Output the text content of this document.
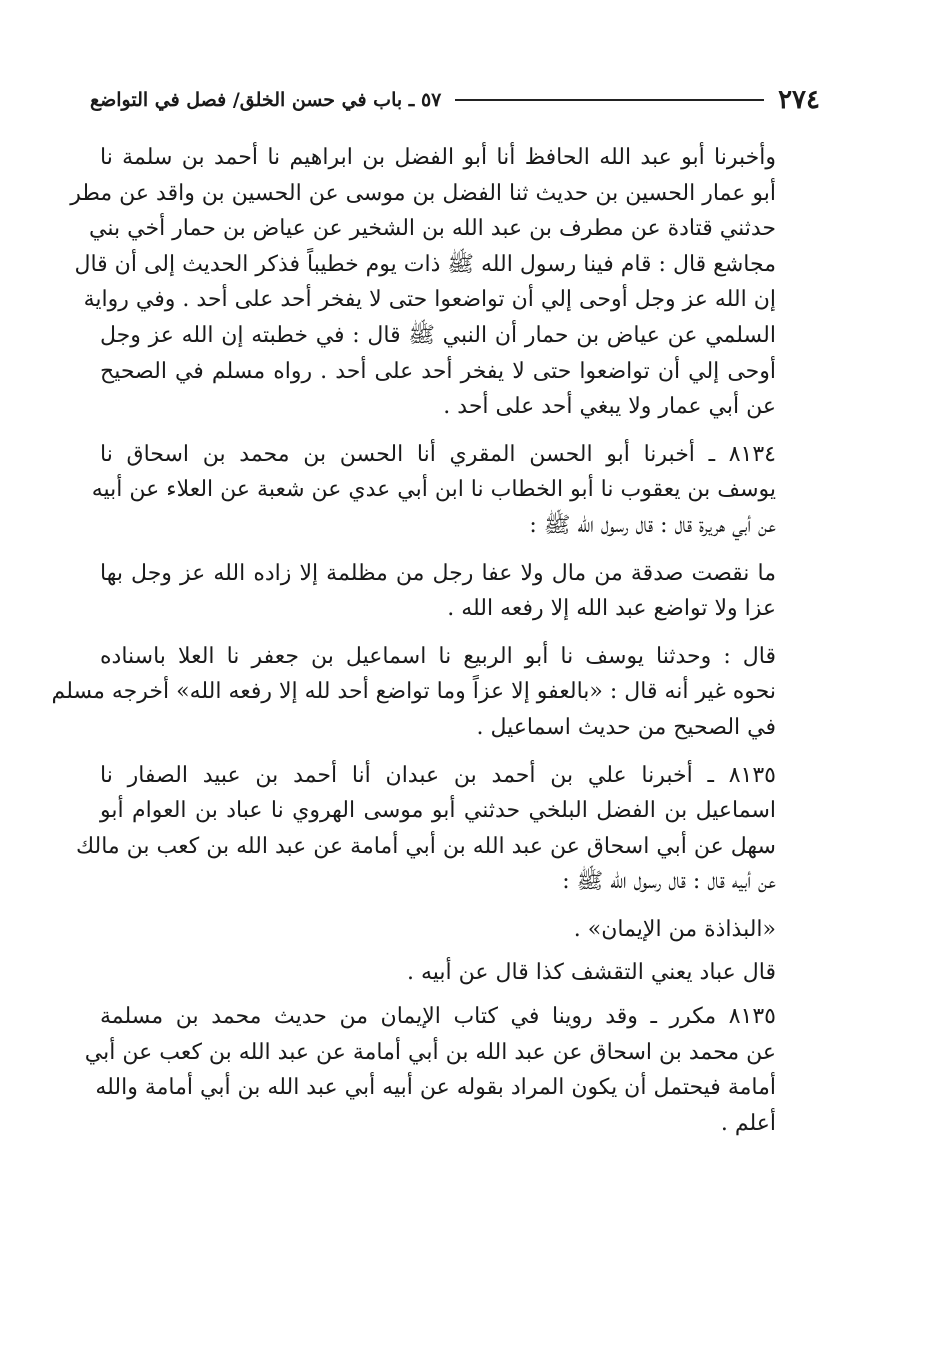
٢٧٤
٥٧ ـ باب في حسن الخلق/ فصل في التواضع
وأخبرنا أبو عبد الله الحافظ أنا أبو الفضل بن ابراهيم نا أحمد بن سلمة نا
أبو عمار الحسين بن حديث ثنا الفضل بن موسى عن الحسين بن واقد عن مطر
حدثني قتادة عن مطرف بن عبد الله بن الشخير عن عياض بن حمار أخي بني
مجاشع قال : قام فينا رسول الله ﷺ ذات يوم خطيباً فذكر الحديث إلى أن قال
إن الله عز وجل أوحى إلي أن تواضعوا حتى لا يفخر أحد على أحد . وفي رواية
السلمي عن عياض بن حمار أن النبي ﷺ قال : في خطبته إن الله عز وجل
أوحى إلي أن تواضعوا حتى لا يفخر أحد على أحد . رواه مسلم في الصحيح
عن أبي عمار ولا يبغي أحد على أحد .
٨١٣٤ ـ أخبرنا أبو الحسن المقري أنا الحسن بن محمد بن اسحاق نا
يوسف بن يعقوب نا أبو الخطاب نا ابن أبي عدي عن شعبة عن العلاء عن أبيه
عن أبي هريرة قال : قال رسول الله ﷺ :
ما نقصت صدقة من مال ولا عفا رجل من مظلمة إلا زاده الله عز وجل بها
عزا ولا تواضع عبد الله إلا رفعه الله .
قال : وحدثنا يوسف نا أبو الربيع نا اسماعيل بن جعفر نا العلا باسناده
نحوه غير أنه قال : «بالعفو إلا عزاً وما تواضع أحد لله إلا رفعه الله» أخرجه مسلم
في الصحيح من حديث اسماعيل .
٨١٣٥ ـ أخبرنا علي بن أحمد بن عبدان أنا أحمد بن عبيد الصفار نا
اسماعيل بن الفضل البلخي حدثني أبو موسى الهروي نا عباد بن العوام أبو
سهل عن أبي اسحاق عن عبد الله بن أبي أمامة عن عبد الله بن كعب بن مالك
عن أبيه قال : قال رسول الله ﷺ :
«البذاذة من الإيمان» .
قال عباد يعني التقشف كذا قال عن أبيه .
٨١٣٥ مكرر ـ وقد روينا في كتاب الإيمان من حديث محمد بن مسلمة
عن محمد بن اسحاق عن عبد الله بن أبي أمامة عن عبد الله بن كعب عن أبي
أمامة فيحتمل أن يكون المراد بقوله عن أبيه أبي عبد الله بن أبي أمامة والله
أعلم .
